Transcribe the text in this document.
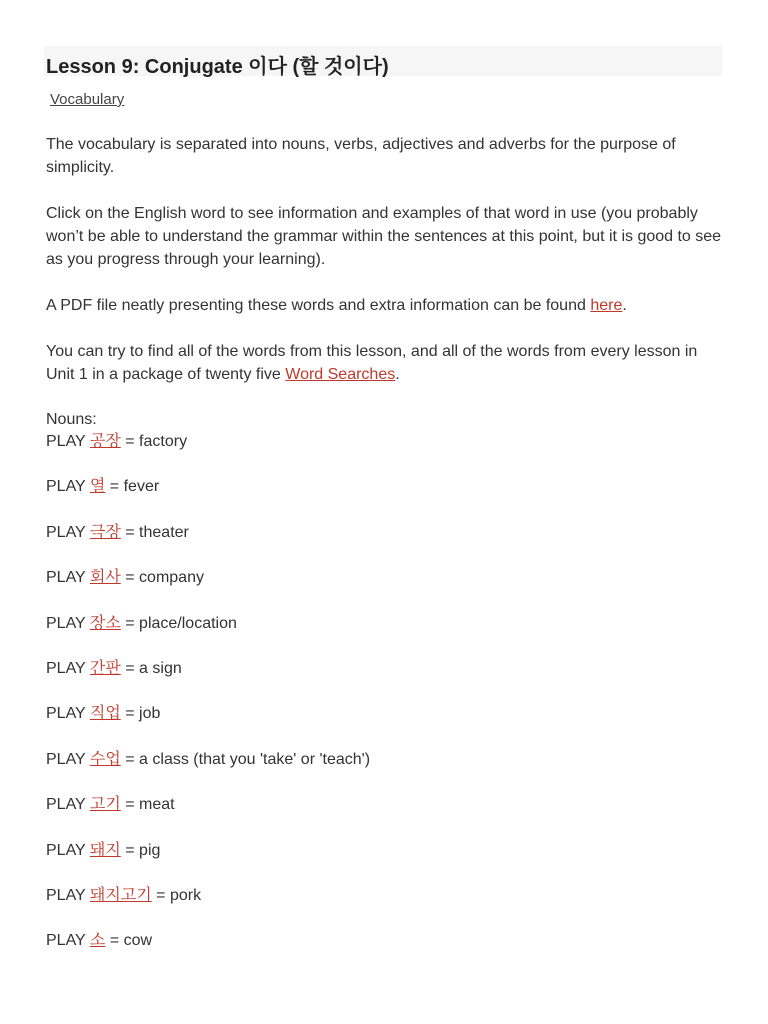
Lesson 9: Conjugate 이다 (할 것이다)
Vocabulary

The vocabulary is separated into nouns, verbs, adjectives and adverbs for the purpose of simplicity.

Click on the English word to see information and examples of that word in use (you probably won’t be able to understand the grammar within the sentences at this point, but it is good to see as you progress through your learning).

A PDF file neatly presenting these words and extra information can be found here.

You can try to find all of the words from this lesson, and all of the words from every lesson in Unit 1 in a package of twenty five Word Searches.

Nouns:
PLAY 공장 = factory
PLAY 열 = fever
PLAY 극장 = theater
PLAY 회사 = company
PLAY 장소 = place/location
PLAY 간판 = a sign
PLAY 직업 = job
PLAY 수업 = a class (that you 'take' or 'teach')
PLAY 고기 = meat
PLAY 돼지 = pig
PLAY 돼지고기 = pork
PLAY 소 = cow
